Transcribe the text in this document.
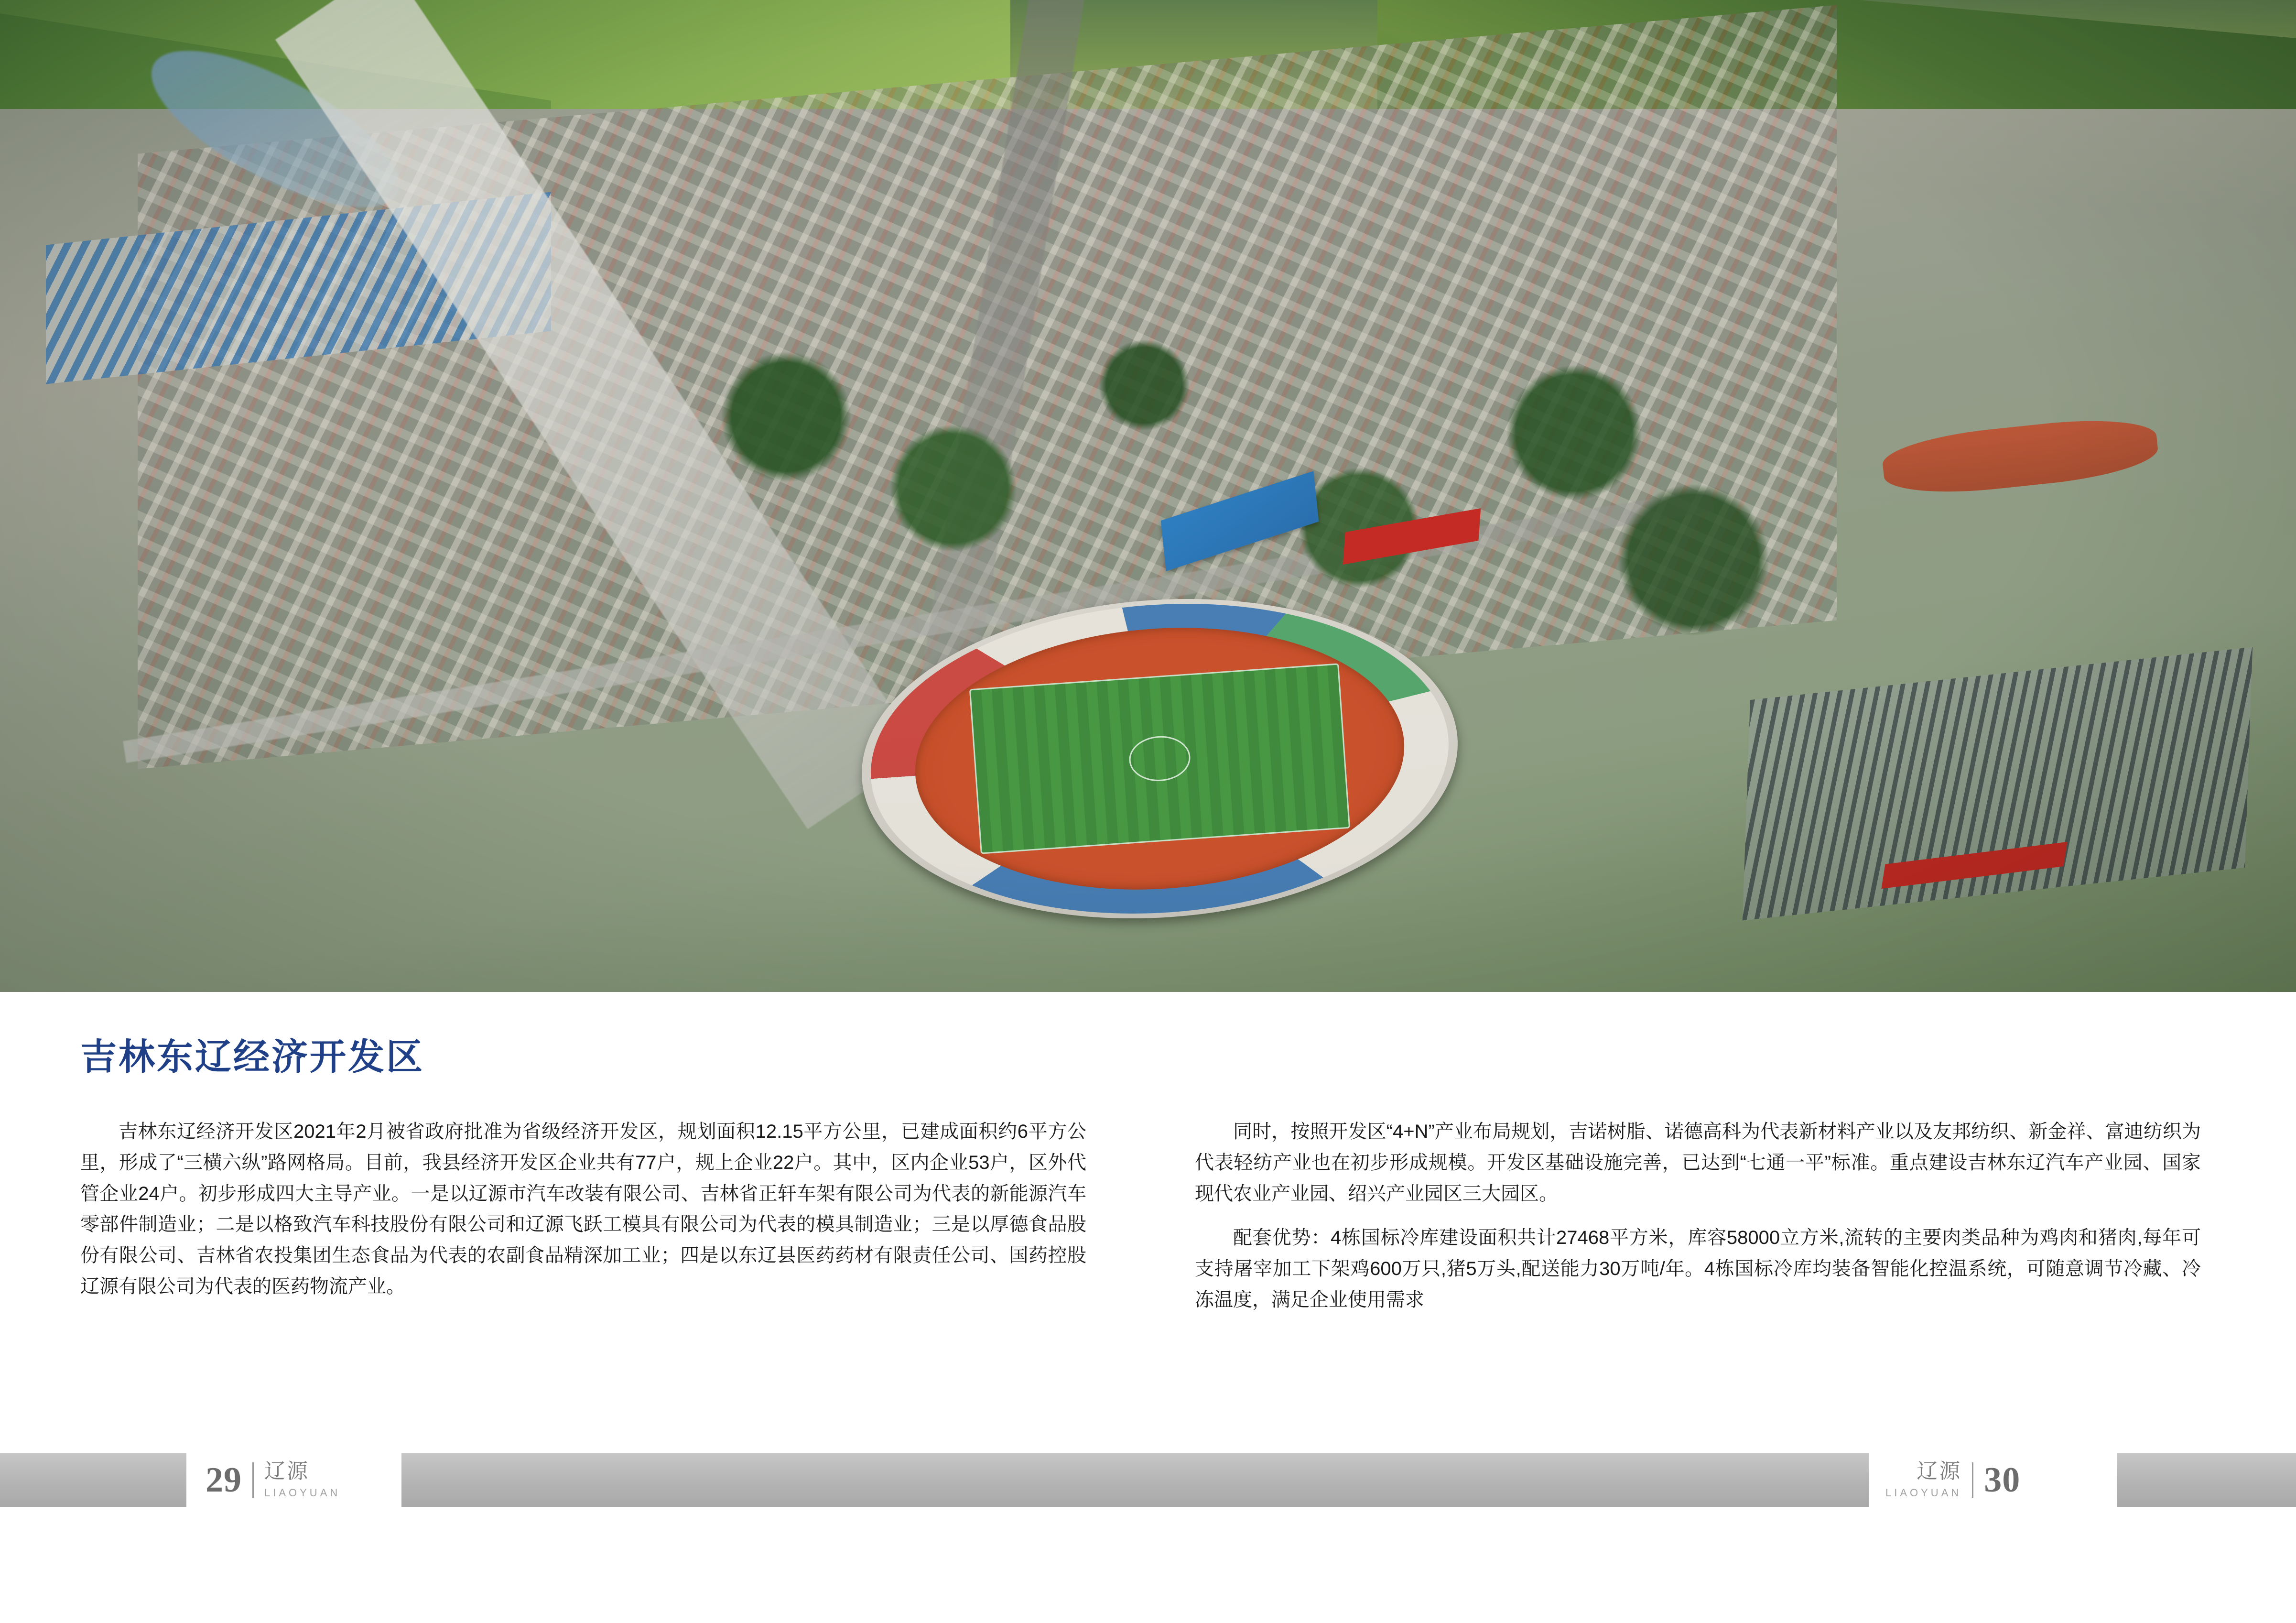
吉林东辽经济开发区

吉林东辽经济开发区2021年2月被省政府批准为省级经济开发区，规划面积12.15平方公里，已建成面积约6平方公里，形成了“三横六纵”路网格局。目前，我县经济开发区企业共有77户，规上企业22户。其中，区内企业53户，区外代管企业24户。初步形成四大主导产业。一是以辽源市汽车改装有限公司、吉林省正轩车架有限公司为代表的新能源汽车零部件制造业；二是以格致汽车科技股份有限公司和辽源飞跃工模具有限公司为代表的模具制造业；三是以厚德食品股份有限公司、吉林省农投集团生态食品为代表的农副食品精深加工业；四是以东辽县医药药材有限责任公司、国药控股辽源有限公司为代表的医药物流产业。

同时，按照开发区“4+N”产业布局规划，吉诺树脂、诺德高科为代表新材料产业以及友邦纺织、新金祥、富迪纺织为代表轻纺产业也在初步形成规模。开发区基础设施完善，已达到“七通一平”标准。重点建设吉林东辽汽车产业园、国家现代农业产业园、绍兴产业园区三大园区。

配套优势：4栋国标冷库建设面积共计27468平方米，库容58000立方米,流转的主要肉类品种为鸡肉和猪肉,每年可支持屠宰加工下架鸡600万只,猪5万头,配送能力30万吨/年。4栋国标冷库均装备智能化控温系统，可随意调节冷藏、冷冻温度，满足企业使用需求

29 辽源
LIAOYUAN
辽源
LIAOYUAN 30
